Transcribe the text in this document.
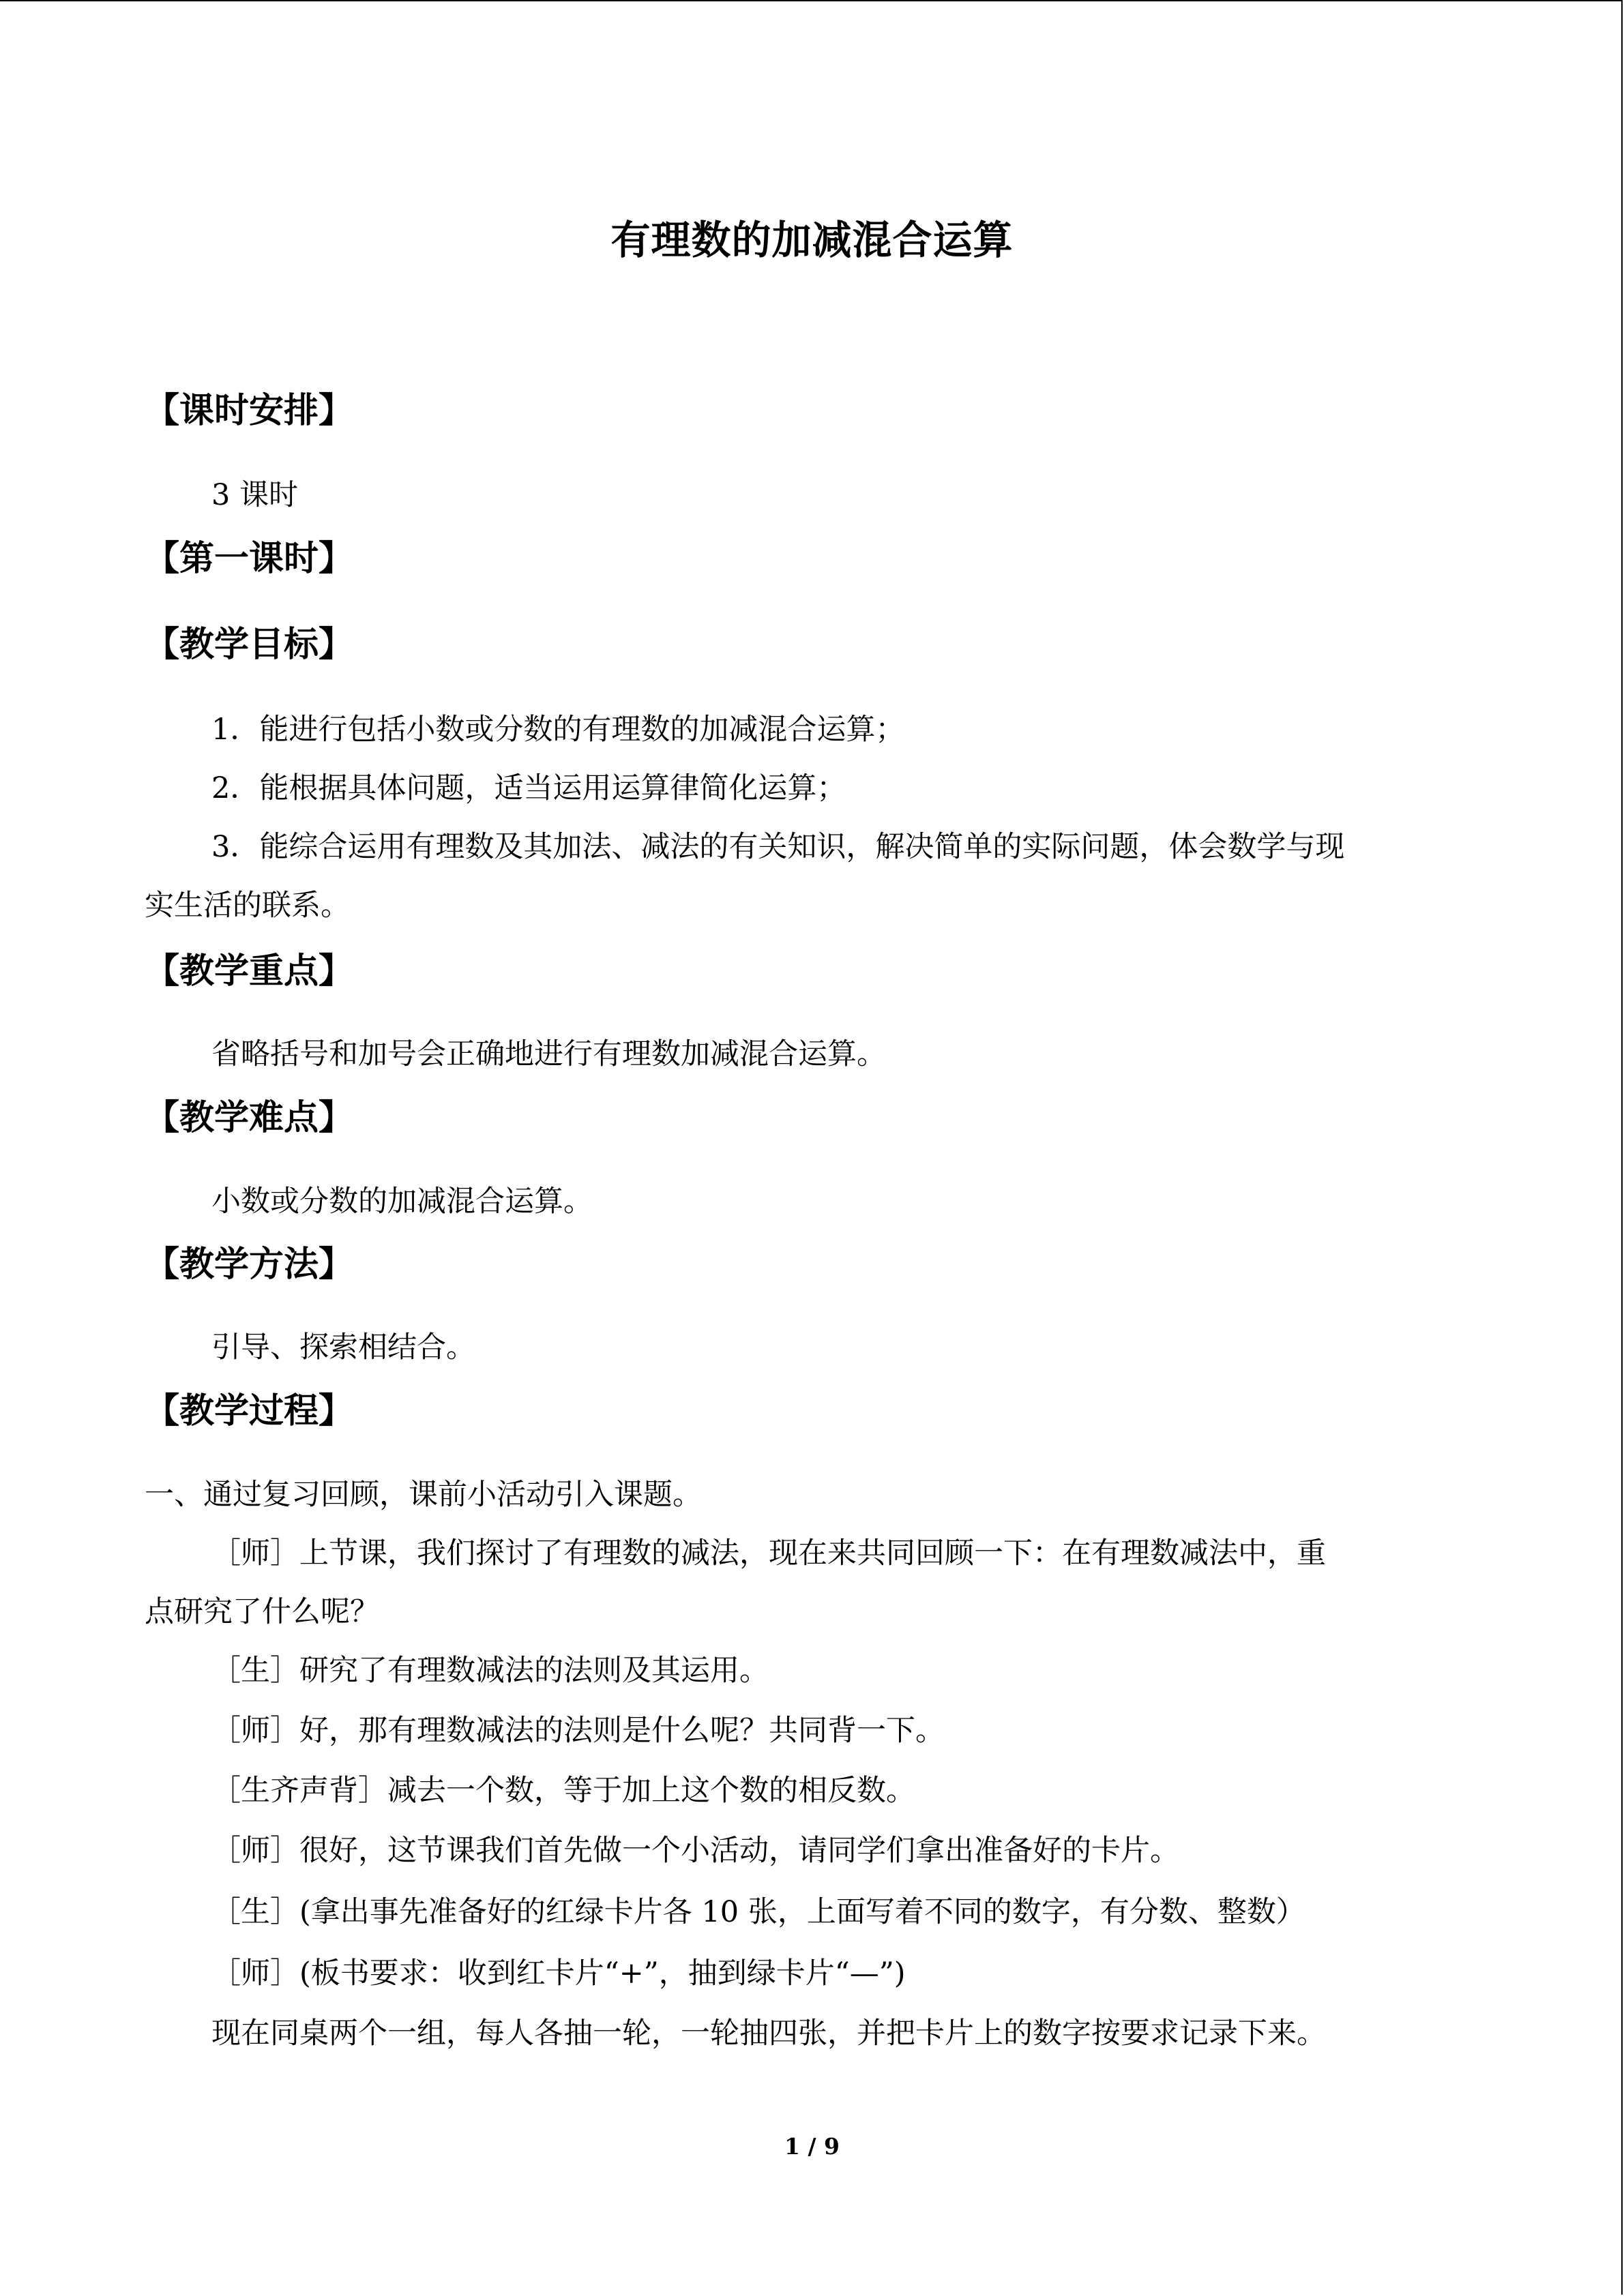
有理数的加减混合运算
【课时安排】
3 课时
【第一课时】
【教学目标】
1．能进行包括小数或分数的有理数的加减混合运算；
2．能根据具体问题，适当运用运算律简化运算；
3．能综合运用有理数及其加法、减法的有关知识，解决简单的实际问题，体会数学与现
实生活的联系。
【教学重点】
省略括号和加号会正确地进行有理数加减混合运算。
【教学难点】
小数或分数的加减混合运算。
【教学方法】
引导、探索相结合。
【教学过程】
一、通过复习回顾，课前小活动引入课题。
［师］上节课，我们探讨了有理数的减法，现在来共同回顾一下：在有理数减法中，重
点研究了什么呢？
［生］研究了有理数减法的法则及其运用。
［师］好，那有理数减法的法则是什么呢？共同背一下。
［生齐声背］减去一个数，等于加上这个数的相反数。
［师］很好，这节课我们首先做一个小活动，请同学们拿出准备好的卡片。
［生］(拿出事先准备好的红绿卡片各 10 张，上面写着不同的数字，有分数、整数）
［师］(板书要求：收到红卡片“+”，抽到绿卡片“—”)
现在同桌两个一组，每人各抽一轮，一轮抽四张，并把卡片上的数字按要求记录下来。
1 / 9
